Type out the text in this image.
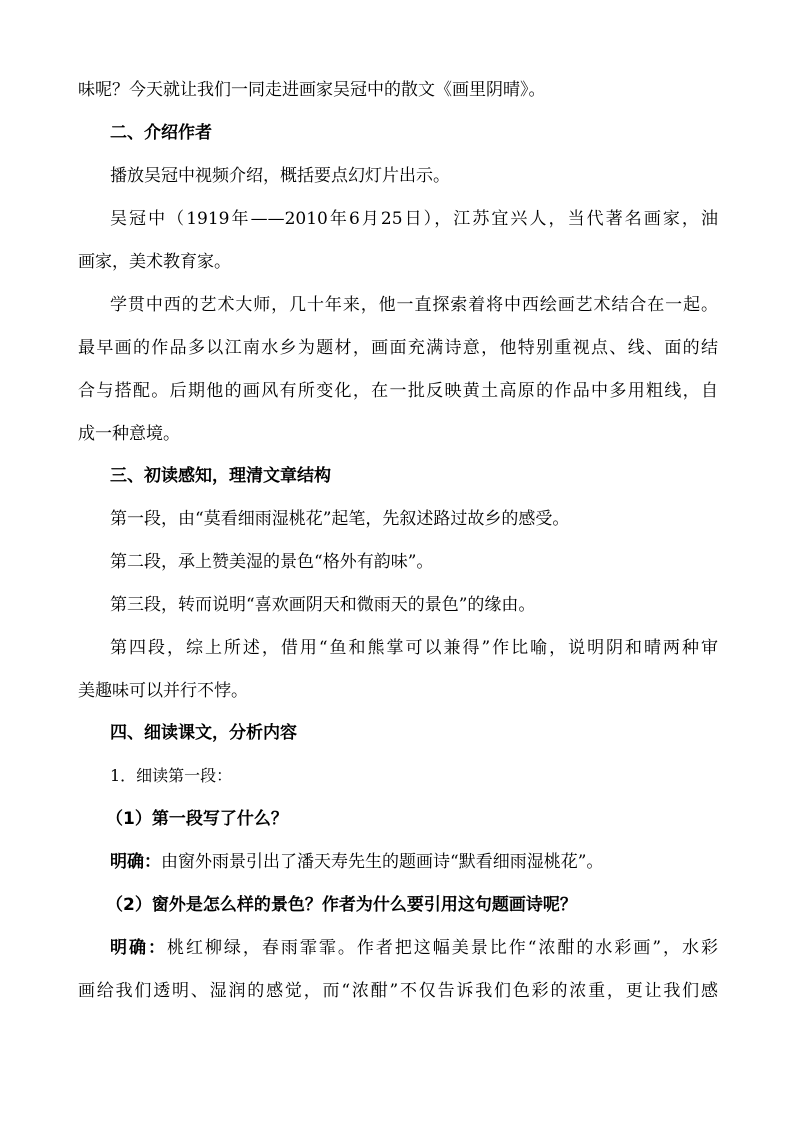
味呢？今天就让我们一同走进画家吴冠中的散文《画里阴晴》。
二、介绍作者
播放吴冠中视频介绍，概括要点幻灯片出示。
吴冠中（1919年——2010年6月25日），江苏宜兴人，当代著名画家，油
画家，美术教育家。
学贯中西的艺术大师，几十年来，他一直探索着将中西绘画艺术结合在一起。
最早画的作品多以江南水乡为题材，画面充满诗意，他特别重视点、线、面的结
合与搭配。后期他的画风有所变化，在一批反映黄土高原的作品中多用粗线，自
成一种意境。
三、初读感知，理清文章结构
第一段，由“莫看细雨湿桃花”起笔，先叙述路过故乡的感受。
第二段，承上赞美湿的景色“格外有韵味”。
第三段，转而说明“喜欢画阴天和微雨天的景色”的缘由。
第四段，综上所述，借用“鱼和熊掌可以兼得”作比喻，说明阴和晴两种审
美趣味可以并行不悖。
四、细读课文，分析内容
1．细读第一段：
（1）第一段写了什么？
明确：由窗外雨景引出了潘天寿先生的题画诗“默看细雨湿桃花”。
（2）窗外是怎么样的景色？作者为什么要引用这句题画诗呢？
明确：桃红柳绿，春雨霏霏。作者把这幅美景比作“浓酣的水彩画”，水彩
画给我们透明、湿润的感觉，而“浓酣”不仅告诉我们色彩的浓重，更让我们感
